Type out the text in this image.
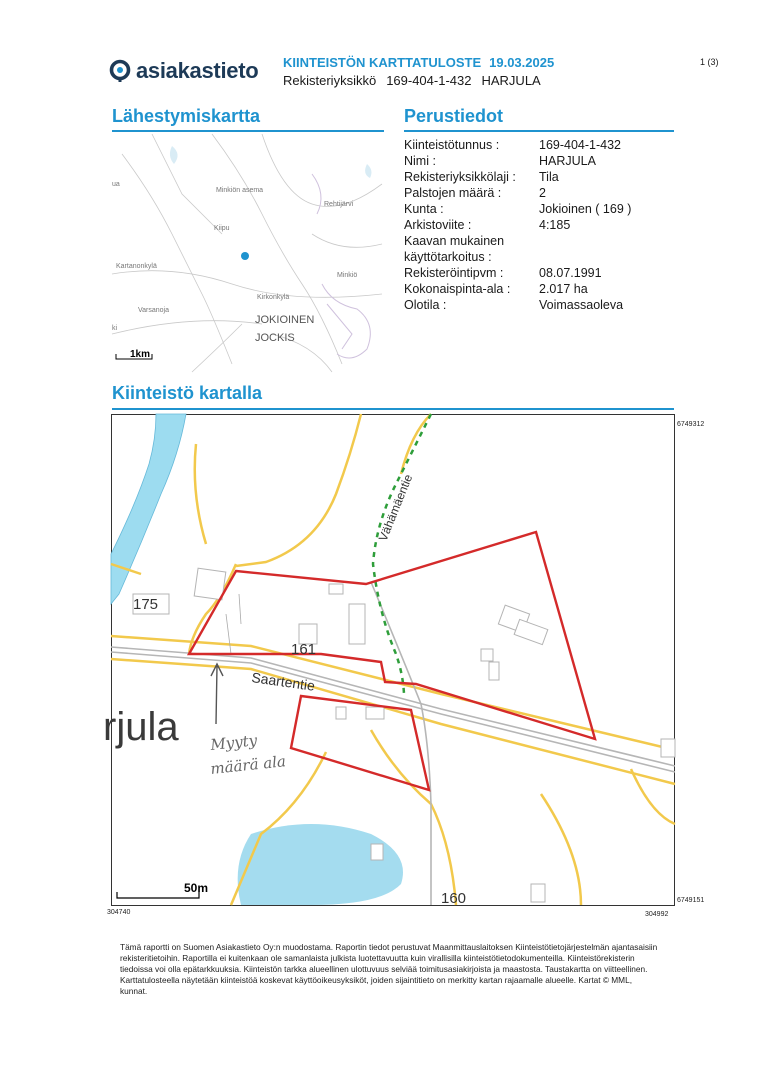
asiakastieto KIINTEISTÖN KARTTATULOSTE 19.03.2025
Rekisteriyksikkö 169-404-1-432 HARJULA
1 (3)
Lähestymiskartta
ua
Minkiön asema
Rehtijärvi
Kiipu
Kartanonkylä
Minkiö
Kirkonkylä
Varsanoja
ki
JOKIOINEN
JOCKIS
1km
Perustiedot
Kiinteistötunnus :	169-404-1-432
Nimi :	HARJULA
Rekisteriyksikkölaji : Tila
Palstojen määrä :	2
Kunta :	Jokioinen ( 169 )
Arkistoviite :	4:185
Kaavan mukainen
käyttötarkoitus :
Rekisteröintipvm :	08.07.1991
Kokonaispinta-ala : 2.017 ha
Olotila :	Voimassaoleva
Kiinteistö kartalla
175
161
160
Saartentie
Vähämäentie
rjula Myyty
määrä ala
50m
6749312
6749151
304740	304992
Tämä raportti on Suomen Asiakastieto Oy:n muodostama. Raportin tiedot perustuvat Maanmittauslaitoksen Kiinteistötietojärjestelmän ajantasaisiin rekisteritietoihin. Raportilla ei kuitenkaan ole samanlaista julkista luotettavuutta kuin virallisilla kiinteistötietodokumenteilla. Kiinteistörekisterin tiedoissa voi olla epätarkkuuksia. Kiinteistön tarkka alueellinen ulottuvuus selviää toimitusasiakirjoista ja maastosta. Taustakartta on viitteellinen. Karttatulosteella näytetään kiinteistöä koskevat käyttöoikeusyksiköt, joiden sijaintitieto on merkitty kartan rajaamalle alueelle. Kartat © MML, kunnat.
